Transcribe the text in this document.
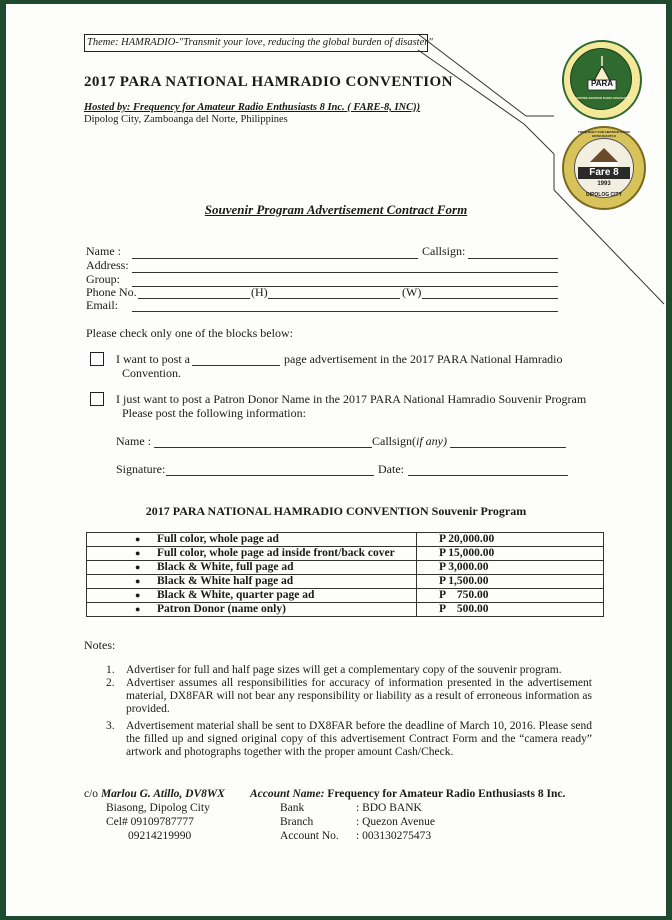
Theme: HAMRADIO-"Transmit your love, reducing the global burden of disaster"
2017 PARA NATIONAL HAMRADIO CONVENTION
Hosted by: Frequency for Amateur Radio Enthusiasts 8 Inc. ( FARE-8, INC))
Dipolog City, Zamboanga del Norte, Philippines
PARA
PHILIPPINE AMATEUR RADIO ASSOCIATION
FREQUENCY FOR AMATEUR RADIO ENTHUSIASTS 8
Fare 8
1993
DIPOLOG CITY
Souvenir Program Advertisement Contract Form
Name :	Callsign:
Address:
Group:
Phone No.	(H)	(W)
Email:
Please check only one of the blocks below:
I want to post a	page advertisement in the 2017 PARA National Hamradio
Convention.
I just want to post a Patron Donor Name in the 2017 PARA National Hamradio Souvenir Program
Please post the following information:
Name :	Callsign(if any)
Signature:	Date:
2017 PARA NATIONAL HAMRADIO CONVENTION Souvenir Program
● Full color, whole page ad	P 20,000.00

● Full color, whole page ad inside front/back cover	P 15,000.00

● Black & White, full page ad	P 3,000.00

● Black & White half page ad	P 1,500.00

● Black & White, quarter page ad	P    750.00

● Patron Donor (name only)	P    500.00
Notes:
1. Advertiser for full and half page sizes will get a complementary copy of the souvenir program.
2. Advertiser assumes all responsibilities for accuracy of information presented in the advertisement material, DX8FAR will not bear any responsibility or liability as a result of erroneous information as provided.
3. Advertisement material shall be sent to DX8FAR before the deadline of March 10, 2016. Please send the filled up and signed original copy of this advertisement Contract Form and the “camera ready” artwork and photographs together with the proper amount Cash/Check.
c/o Marlou G. Atillo, DV8WX Account Name: Frequency for Amateur Radio Enthusiasts 8 Inc.
Biasong, Dipolog City
Cel# 09109787777
09214219990
Bank	: BDO BANK
Branch	: Quezon Avenue
Account No. : 003130275473
